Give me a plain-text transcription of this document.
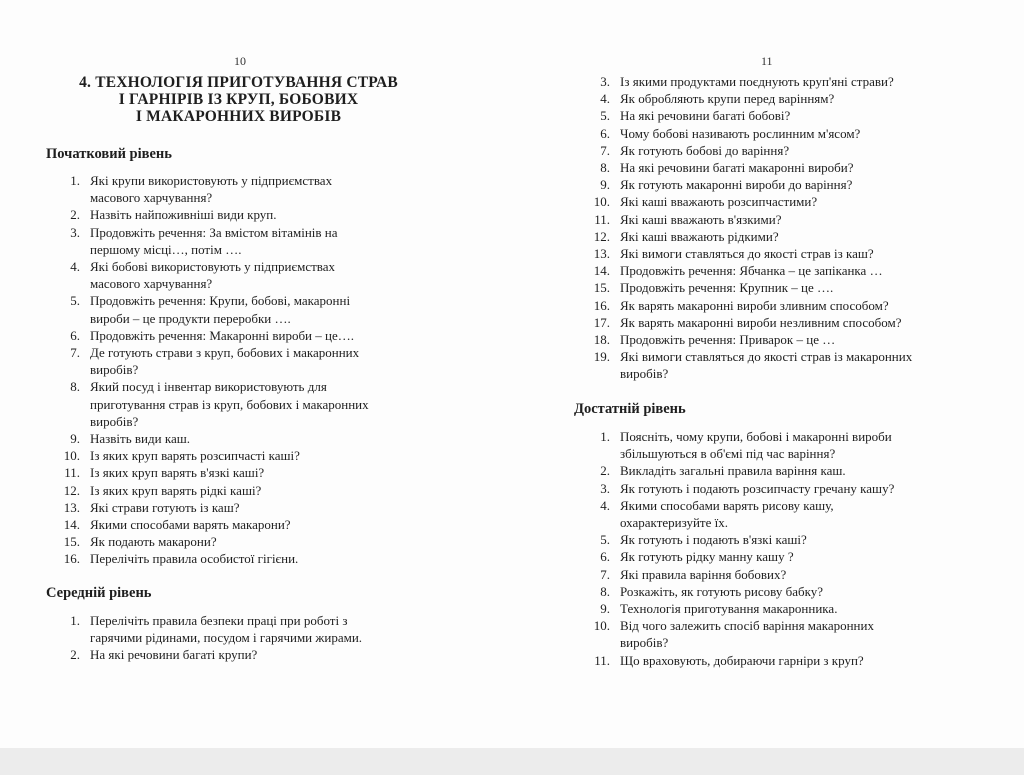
10
4. ТЕХНОЛОГІЯ ПРИГОТУВАННЯ СТРАВ
І ГАРНІРІВ ІЗ КРУП, БОБОВИХ
І МАКАРОННИХ ВИРОБІВ
Початковий рівень
1. Які крупи використовують у підприємствах
масового харчування?
2. Назвіть найпоживніші види круп.
3. Продовжіть речення: За вмістом вітамінів на
першому місці…, потім ….
4. Які бобові використовують у підприємствах
масового харчування?
5. Продовжіть речення: Крупи, бобові, макаронні
вироби – це продукти переробки ….
6. Продовжіть речення: Макаронні вироби – це….
7. Де готують страви з круп, бобових і макаронних
виробів?
8. Який посуд і інвентар використовують для
приготування страв із круп, бобових і макаронних
виробів?
9. Назвіть види каш.
10. Із яких круп варять розсипчасті каші?
11. Із яких круп варять в'язкі каші?
12. Із яких круп варять рідкі каші?
13. Які страви готують із каш?
14. Якими способами варять макарони?
15. Як подають макарони?
16. Перелічіть правила особистої гігієни.
Середній рівень
1. Перелічіть правила безпеки праці при роботі з
гарячими рідинами, посудом і гарячими жирами.
2. На які речовини багаті крупи?
11
3. Із якими продуктами поєднують круп'яні страви?
4. Як обробляють крупи перед варінням?
5. На які речовини багаті бобові?
6. Чому бобові називають рослинним м'ясом?
7. Як готують бобові до варіння?
8. На які речовини багаті макаронні вироби?
9. Як готують макаронні вироби до варіння?
10. Які каші вважають розсипчастими?
11. Які каші вважають в'язкими?
12. Які каші вважають рідкими?
13. Які вимоги ставляться до якості страв із каш?
14. Продовжіть речення: Ябчанка – це запіканка …
15. Продовжіть речення: Крупник – це ….
16. Як варять макаронні вироби зливним способом?
17. Як варять макаронні вироби незливним способом?
18. Продовжіть речення: Приварок – це …
19. Які вимоги ставляться до якості страв із макаронних
виробів?
Достатній рівень
1. Поясніть, чому крупи, бобові і макаронні вироби
збільшуються в об'ємі під час варіння?
2. Викладіть загальні правила варіння каш.
3. Як готують і подають розсипчасту гречану кашу?
4. Якими способами варять рисову кашу,
охарактеризуйте їх.
5. Як готують і подають в'язкі каші?
6. Як готують рідку манну кашу ?
7. Які правила варіння бобових?
8. Розкажіть, як готують рисову бабку?
9. Технологія приготування макаронника.
10. Від чого залежить спосіб варіння макаронних
виробів?
11. Що враховують, добираючи гарніри з круп?
